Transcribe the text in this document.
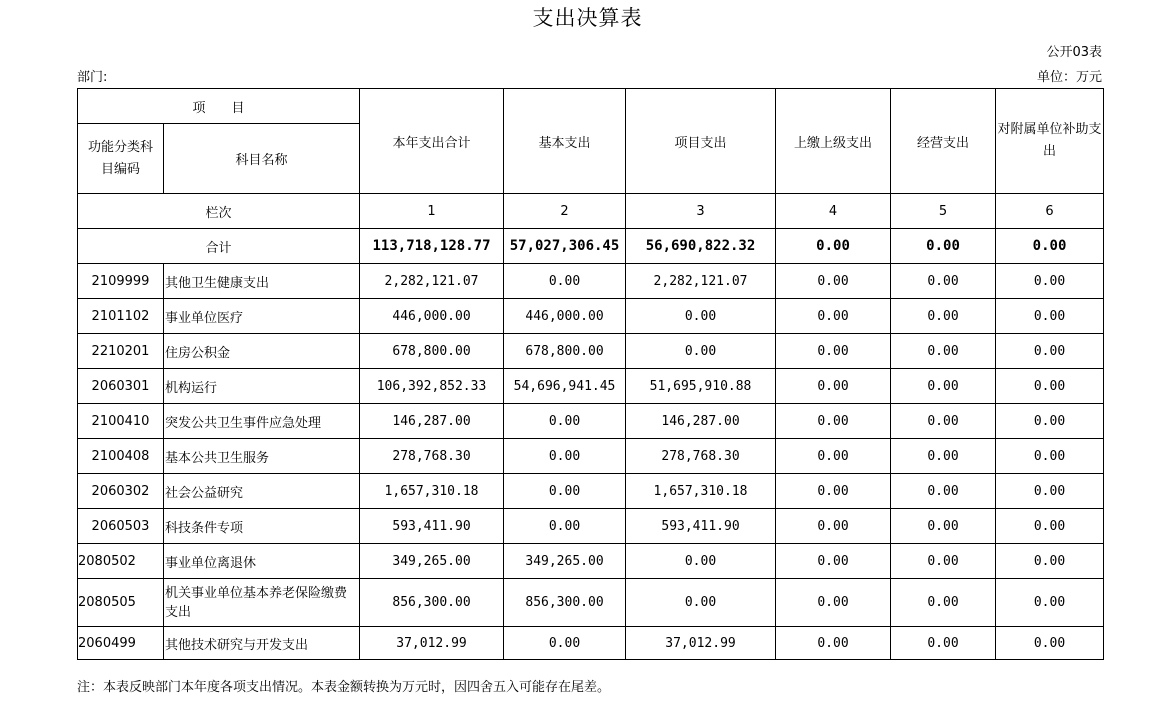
支出决算表
公开03表
部门:	单位：万元
项　　目		本年支出合计	基本支出	项目支出	上缴上级支出	经营支出	对附属单位补助支出
功能分类科目编码	科目名称						
栏次		1	2	3	4	5	6
合计		113,718,128.77	57,027,306.45	56,690,822.32	0.00	0.00	0.00
2109999	其他卫生健康支出	2,282,121.07	0.00	2,282,121.07	0.00	0.00	0.00
2101102	事业单位医疗	446,000.00	446,000.00	0.00	0.00	0.00	0.00
2210201	住房公积金	678,800.00	678,800.00	0.00	0.00	0.00	0.00
2060301	机构运行	106,392,852.33	54,696,941.45	51,695,910.88	0.00	0.00	0.00
2100410	突发公共卫生事件应急处理	146,287.00	0.00	146,287.00	0.00	0.00	0.00
2100408	基本公共卫生服务	278,768.30	0.00	278,768.30	0.00	0.00	0.00
2060302	社会公益研究	1,657,310.18	0.00	1,657,310.18	0.00	0.00	0.00
2060503	科技条件专项	593,411.90	0.00	593,411.90	0.00	0.00	0.00
2080502	事业单位离退休	349,265.00	349,265.00	0.00	0.00	0.00	0.00
2080505	机关事业单位基本养老保险缴费支出	856,300.00	856,300.00	0.00	0.00	0.00	0.00
2060499	其他技术研究与开发支出	37,012.99	0.00	37,012.99	0.00	0.00	0.00
注：本表反映部门本年度各项支出情况。本表金额转换为万元时，因四舍五入可能存在尾差。
